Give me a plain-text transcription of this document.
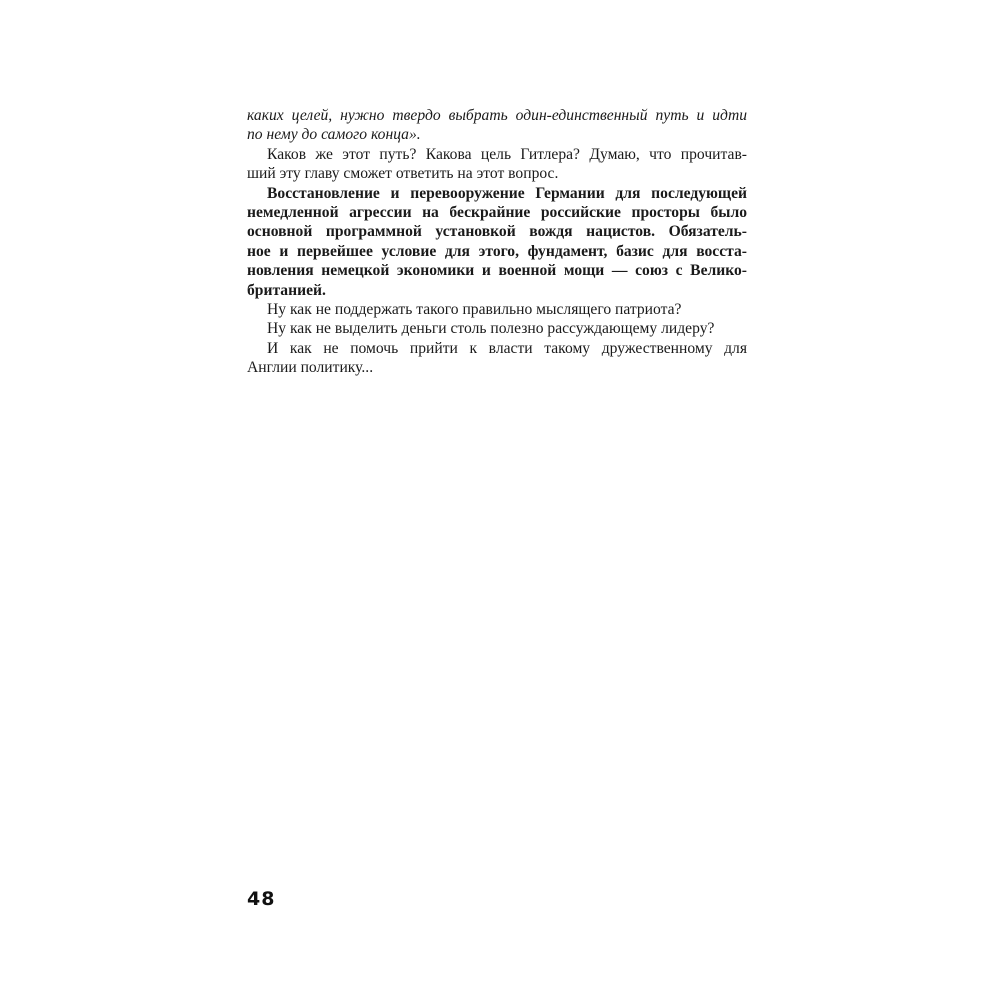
каких целей, нужно твердо выбрать один-единственный путь и идти
по нему до самого конца».
Каков же этот путь? Какова цель Гитлера? Думаю, что прочитав-
ший эту главу сможет ответить на этот вопрос.
Восстановление и перевооружение Германии для последующей
немедленной агрессии на бескрайние российские просторы было
основной программной установкой вождя нацистов. Обязатель-
ное и первейшее условие для этого, фундамент, базис для восста-
новления немецкой экономики и военной мощи — союз с Велико-
британией.
Ну как не поддержать такого правильно мыслящего патриота?
Ну как не выделить деньги столь полезно рассуждающему лидеру?
И как не помочь прийти к власти такому дружественному для
Англии политику...
48
